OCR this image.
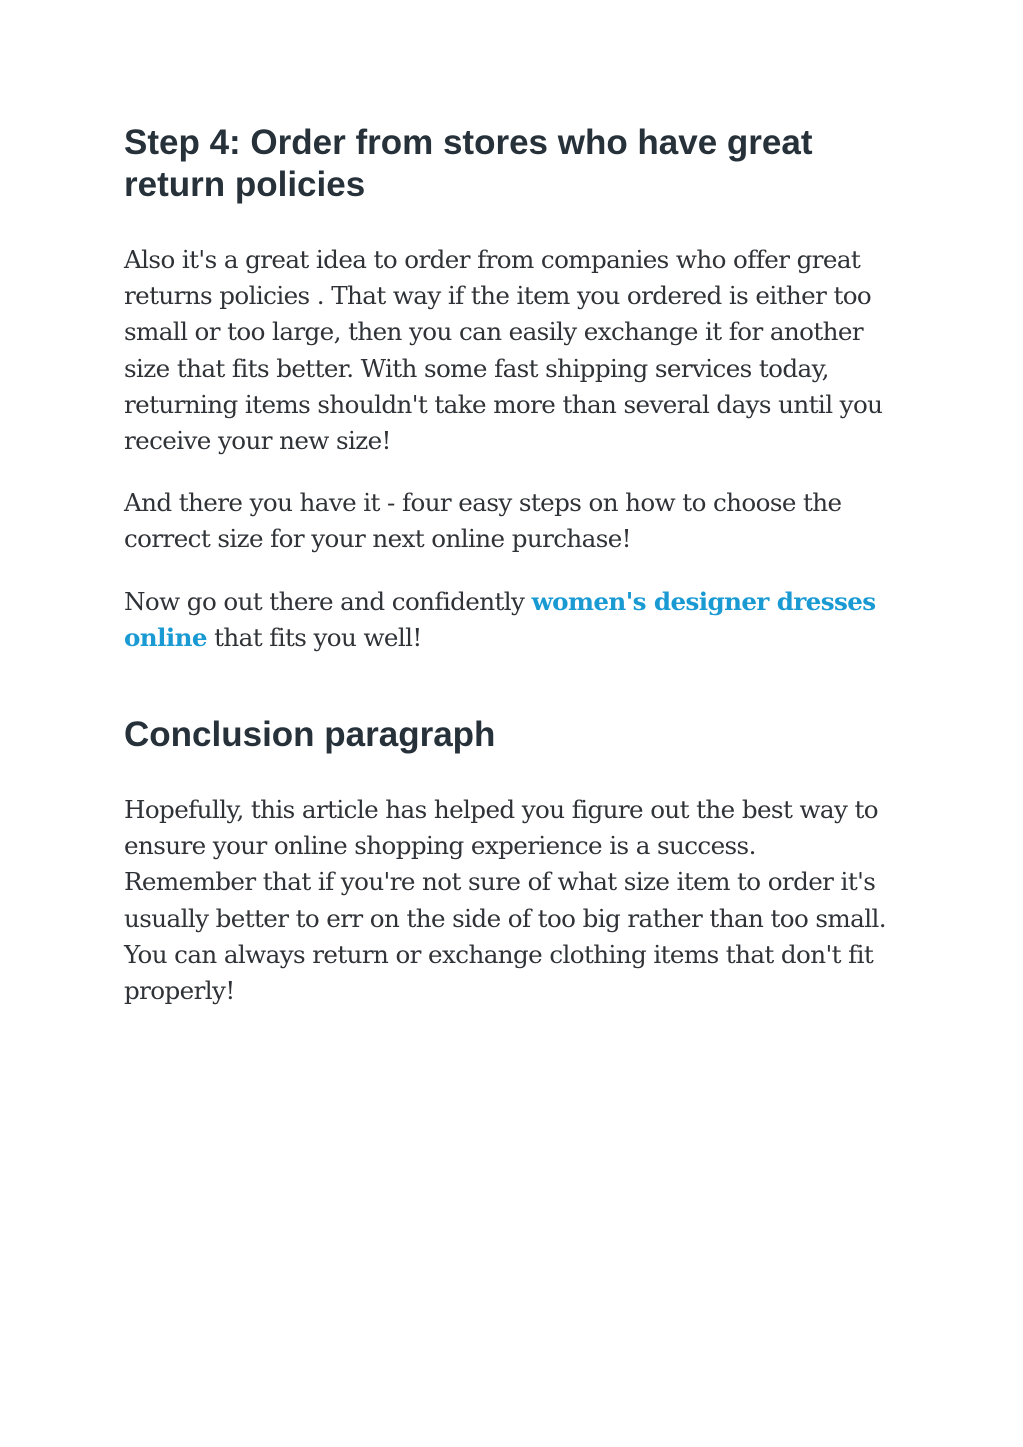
Step 4: Order from stores who have great return policies

Also it's a great idea to order from companies who offer great returns policies . That way if the item you ordered is either too small or too large, then you can easily exchange it for another size that fits better. With some fast shipping services today, returning items shouldn't take more than several days until you receive your new size!

And there you have it - four easy steps on how to choose the correct size for your next online purchase!

Now go out there and confidently women's designer dresses online that fits you well!

Conclusion paragraph

Hopefully, this article has helped you figure out the best way to ensure your online shopping experience is a success. Remember that if you're not sure of what size item to order it's usually better to err on the side of too big rather than too small. You can always return or exchange clothing items that don't fit properly!
